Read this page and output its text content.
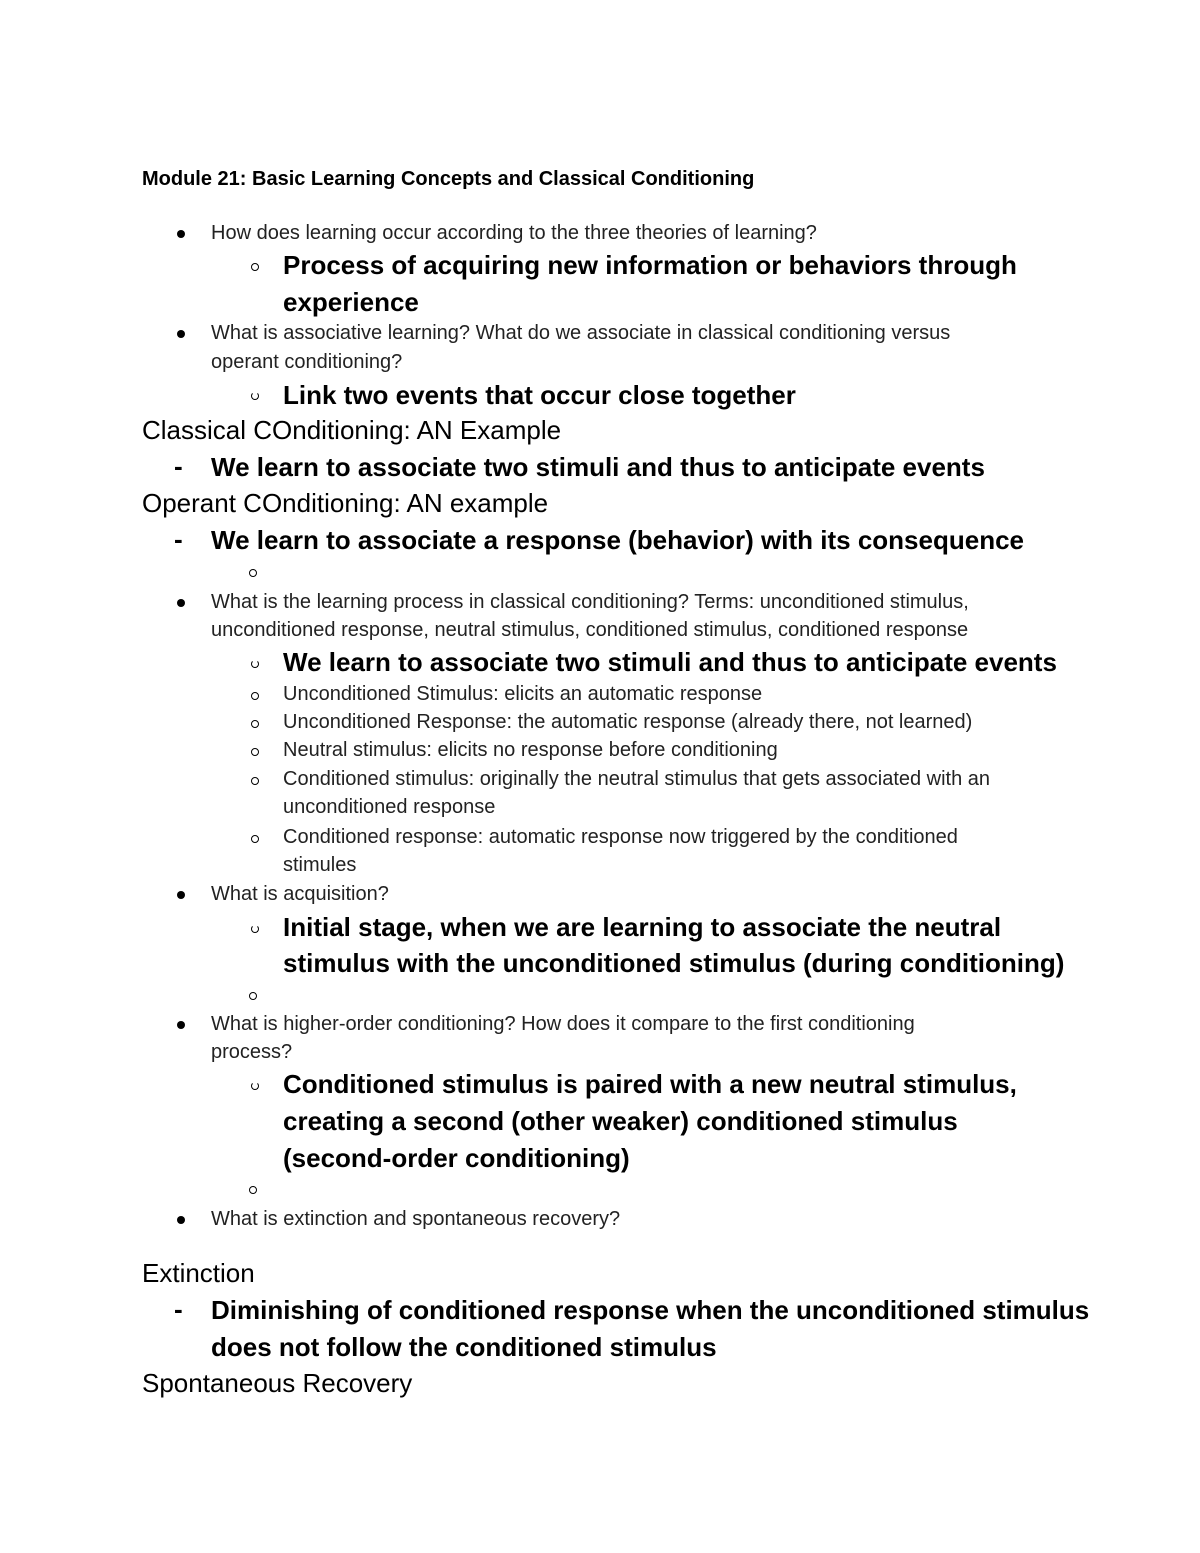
Module 21: Basic Learning Concepts and Classical Conditioning
How does learning occur according to the three theories of learning?
Process of acquiring new information or behaviors through
experience
What is associative learning? What do we associate in classical conditioning versus
operant conditioning?
Link two events that occur close together
Classical COnditioning: AN Example
- We learn to associate two stimuli and thus to anticipate events
Operant COnditioning: AN example
- We learn to associate a response (behavior) with its consequence
What is the learning process in classical conditioning? Terms: unconditioned stimulus,
unconditioned response, neutral stimulus, conditioned stimulus, conditioned response
We learn to associate two stimuli and thus to anticipate events
Unconditioned Stimulus: elicits an automatic response
Unconditioned Response: the automatic response (already there, not learned)
Neutral stimulus: elicits no response before conditioning
Conditioned stimulus: originally the neutral stimulus that gets associated with an
unconditioned response
Conditioned response: automatic response now triggered by the conditioned
stimules
What is acquisition?
Initial stage, when we are learning to associate the neutral
stimulus with the unconditioned stimulus (during conditioning)
What is higher-order conditioning? How does it compare to the first conditioning
process?
Conditioned stimulus is paired with a new neutral stimulus,
creating a second (other weaker) conditioned stimulus
(second-order conditioning)
What is extinction and spontaneous recovery?
Extinction
- Diminishing of conditioned response when the unconditioned stimulus
does not follow the conditioned stimulus
Spontaneous Recovery
